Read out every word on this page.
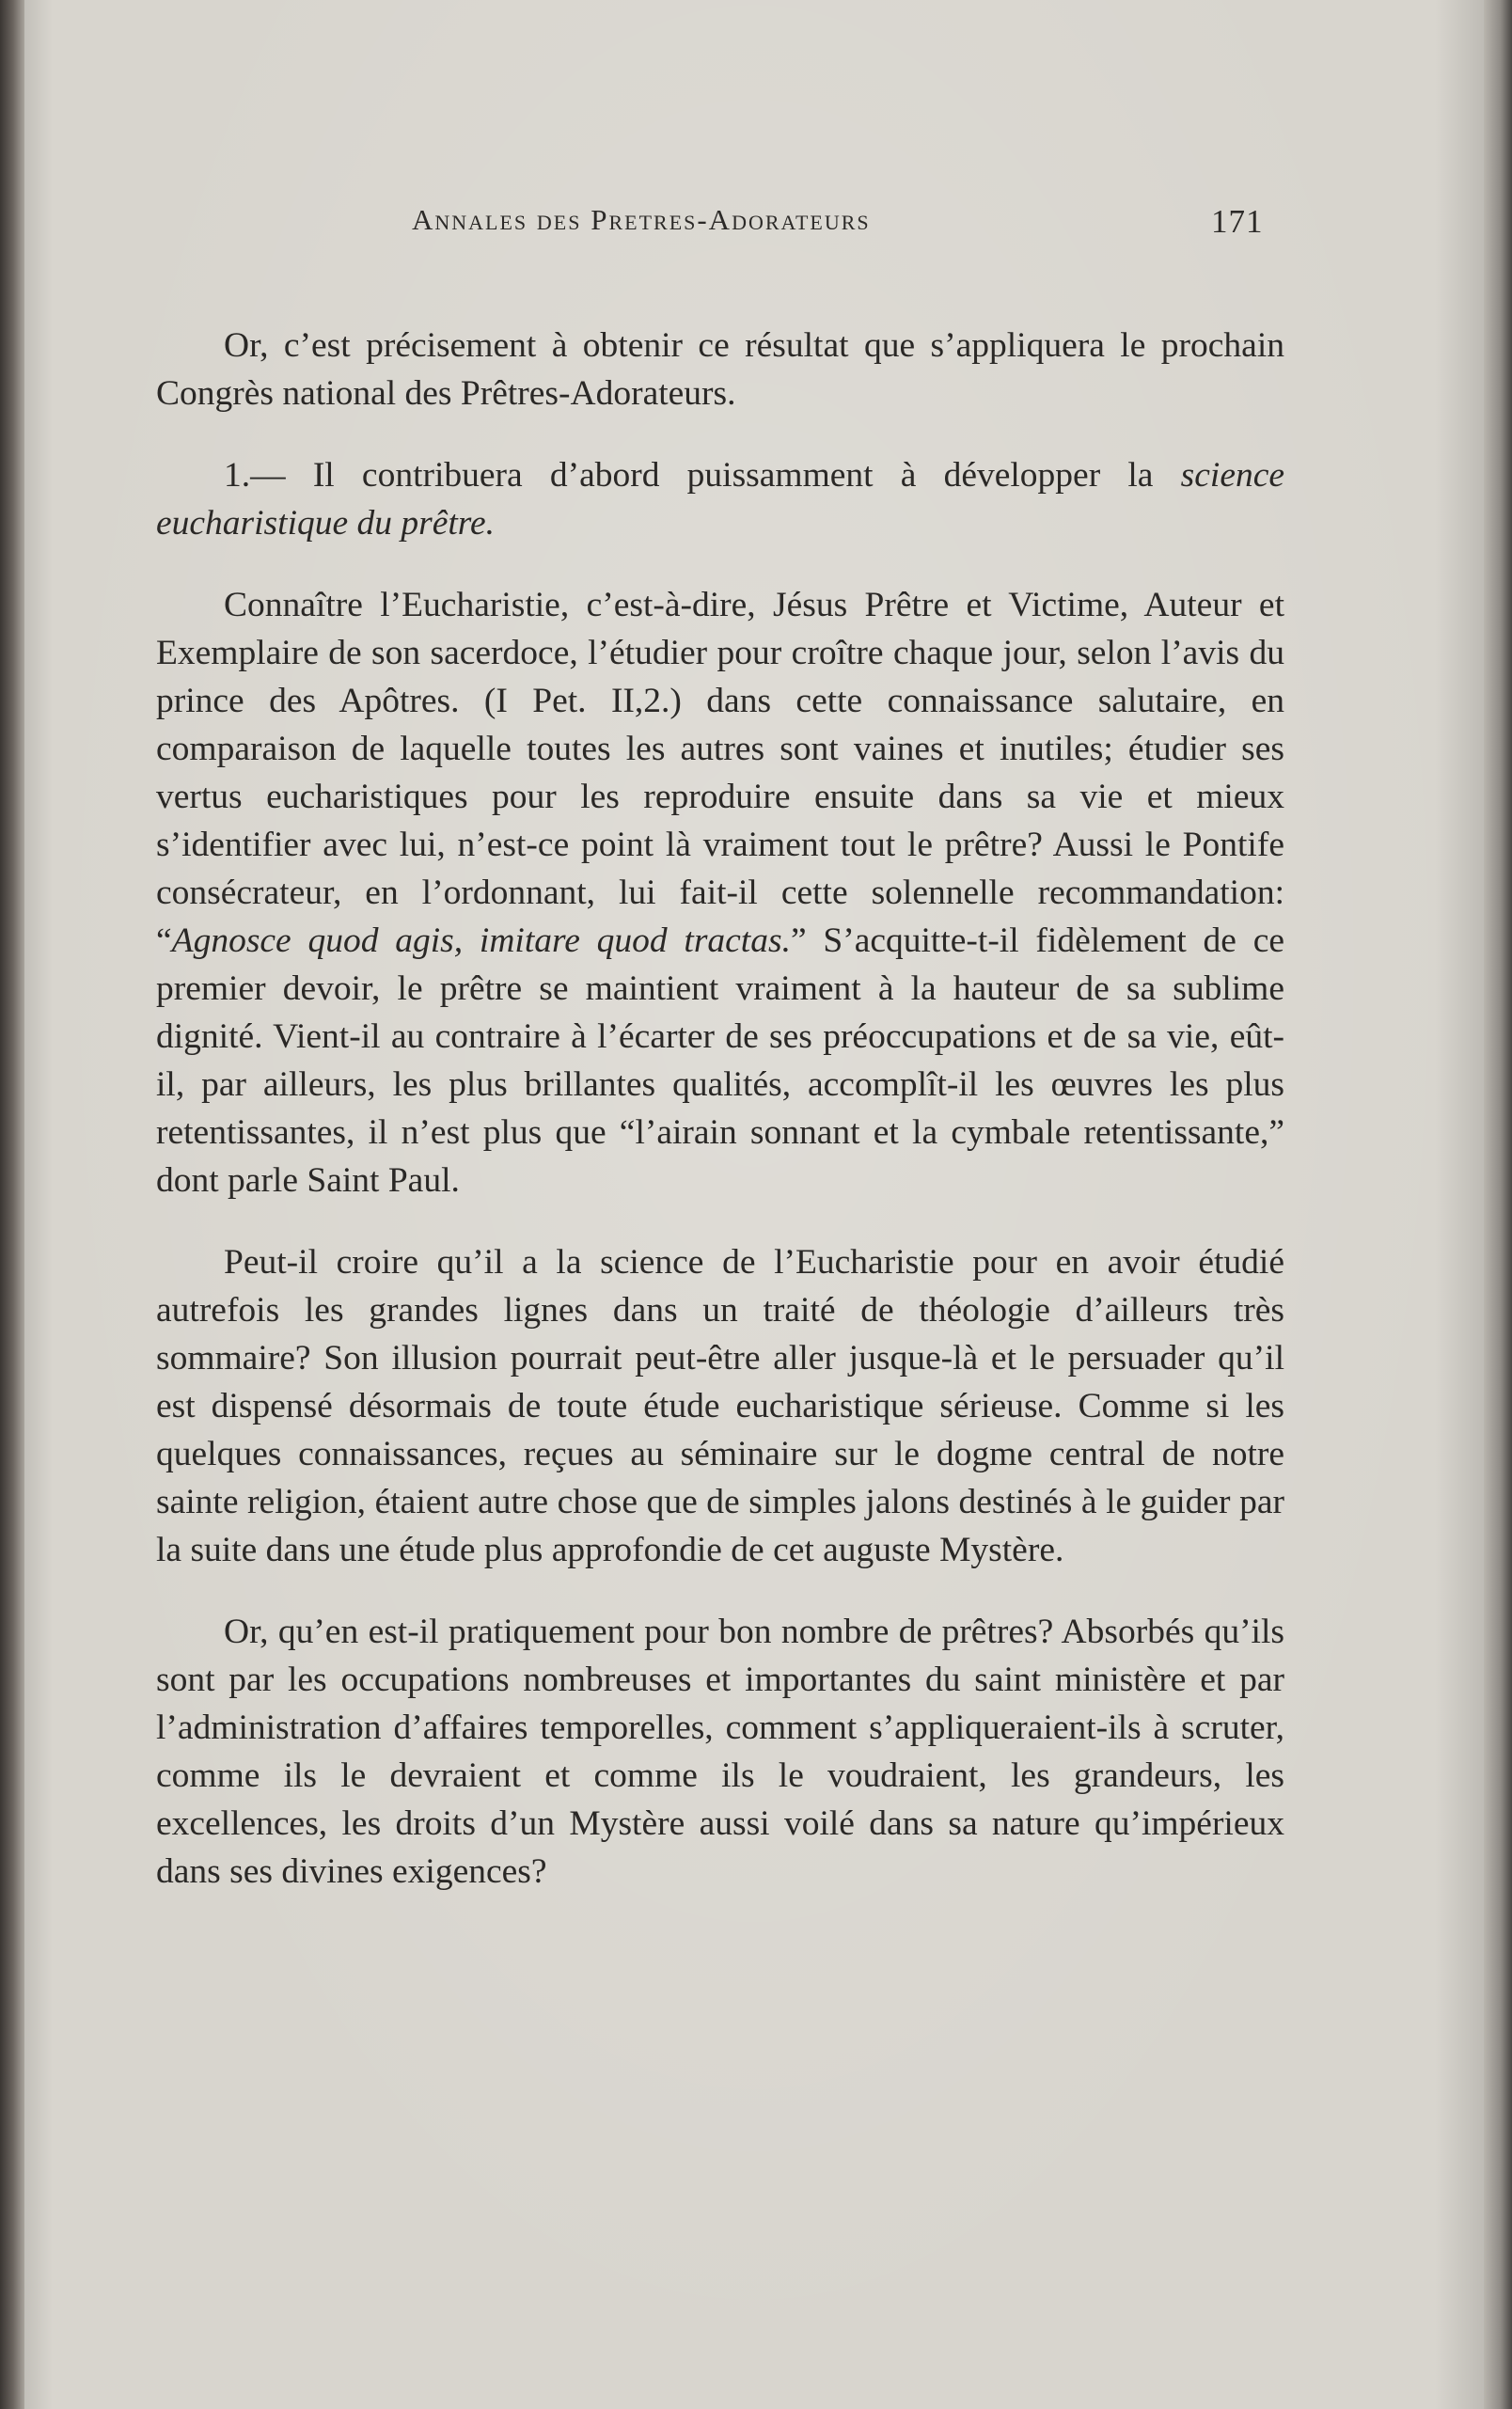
Annales des Pretres-Adorateurs	171

Or, c’est précisement à obtenir ce résultat que s’appliquera le prochain Congrès national des Prêtres-Adorateurs.

1.— Il contribuera d’abord puissamment à développer la science eucharistique du prêtre.

Connaître l’Eucharistie, c’est-à-dire, Jésus Prêtre et Victime, Auteur et Exemplaire de son sacerdoce, l’étudier pour croître chaque jour, selon l’avis du prince des Apôtres. (I Pet. II,2.) dans cette connaissance salutaire, en comparaison de laquelle toutes les autres sont vaines et inutiles; étudier ses vertus eucharistiques pour les reproduire ensuite dans sa vie et mieux s’identifier avec lui, n’est-ce point là vraiment tout le prêtre? Aussi le Pontife consécrateur, en l’ordonnant, lui fait-il cette solennelle recommandation: “Agnosce quod agis, imitare quod tractas.” S’acquitte-t-il fidèlement de ce premier devoir, le prêtre se maintient vraiment à la hauteur de sa sublime dignité. Vient-il au contraire à l’écarter de ses préoccupations et de sa vie, eût-il, par ailleurs, les plus brillantes qualités, accomplît-il les œuvres les plus retentissantes, il n’est plus que “l’airain sonnant et la cymbale retentissante,” dont parle Saint Paul.

Peut-il croire qu’il a la science de l’Eucharistie pour en avoir étudié autrefois les grandes lignes dans un traité de théologie d’ailleurs très sommaire? Son illusion pourrait peut-être aller jusque-là et le persuader qu’il est dispensé désormais de toute étude eucharistique sérieuse. Comme si les quelques connaissances, reçues au séminaire sur le dogme central de notre sainte religion, étaient autre chose que de simples jalons destinés à le guider par la suite dans une étude plus approfondie de cet auguste Mystère.

Or, qu’en est-il pratiquement pour bon nombre de prêtres? Absorbés qu’ils sont par les occupations nombreuses et importantes du saint ministère et par l’administration d’affaires temporelles, comment s’appliqueraient-ils à scruter, comme ils le devraient et comme ils le voudraient, les grandeurs, les excellences, les droits d’un Mystère aussi voilé dans sa nature qu’impérieux dans ses divines exigences?
